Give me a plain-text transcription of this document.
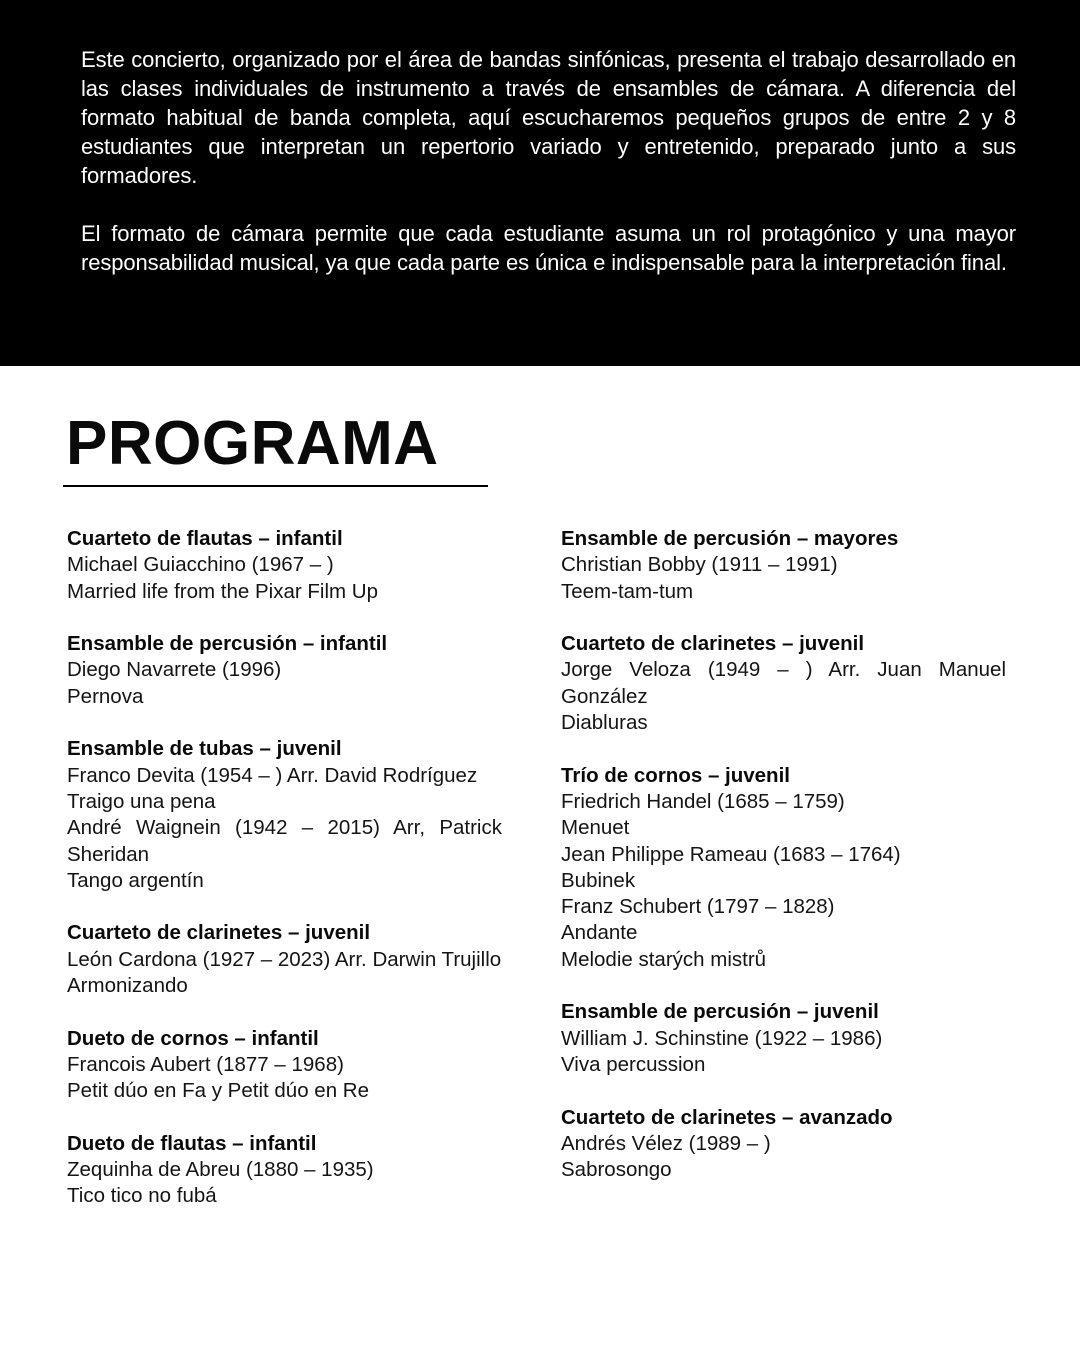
Este concierto, organizado por el área de bandas sinfónicas, presenta el trabajo desarrollado en las clases individuales de instrumento a través de ensambles de cámara. A diferencia del formato habitual de banda completa, aquí escucharemos pequeños grupos de entre 2 y 8 estudiantes que interpretan un repertorio variado y entretenido, preparado junto a sus formadores.

El formato de cámara permite que cada estudiante asuma un rol protagónico y una mayor responsabilidad musical, ya que cada parte es única e indispensable para la interpretación final.

PROGRAMA
Cuarteto de flautas – infantil
Michael Guiacchino (1967 – )
Married life from the Pixar Film Up
Ensamble de percusión – infantil
Diego Navarrete (1996)
Pernova
Ensamble de tubas – juvenil
Franco Devita (1954 – ) Arr. David Rodríguez
Traigo una pena
André Waignein (1942 – 2015) Arr, Patrick Sheridan
Tango argentín
Cuarteto de clarinetes – juvenil
León Cardona (1927 – 2023) Arr. Darwin Trujillo
Armonizando
Dueto de cornos – infantil
Francois Aubert (1877 – 1968)
Petit dúo en Fa y Petit dúo en Re
Dueto de flautas – infantil
Zequinha de Abreu (1880 – 1935)
Tico tico no fubá
Ensamble de percusión – mayores
Christian Bobby (1911 – 1991)
Teem-tam-tum
Cuarteto de clarinetes – juvenil
Jorge Veloza (1949 – ) Arr. Juan Manuel González
Diabluras
Trío de cornos – juvenil
Friedrich Handel (1685 – 1759)
Menuet
Jean Philippe Rameau (1683 – 1764)
Bubinek
Franz Schubert (1797 – 1828)
Andante
Melodie starých mistrů
Ensamble de percusión – juvenil
William J. Schinstine (1922 – 1986)
Viva percussion
Cuarteto de clarinetes – avanzado
Andrés Vélez (1989 – )
Sabrosongo
